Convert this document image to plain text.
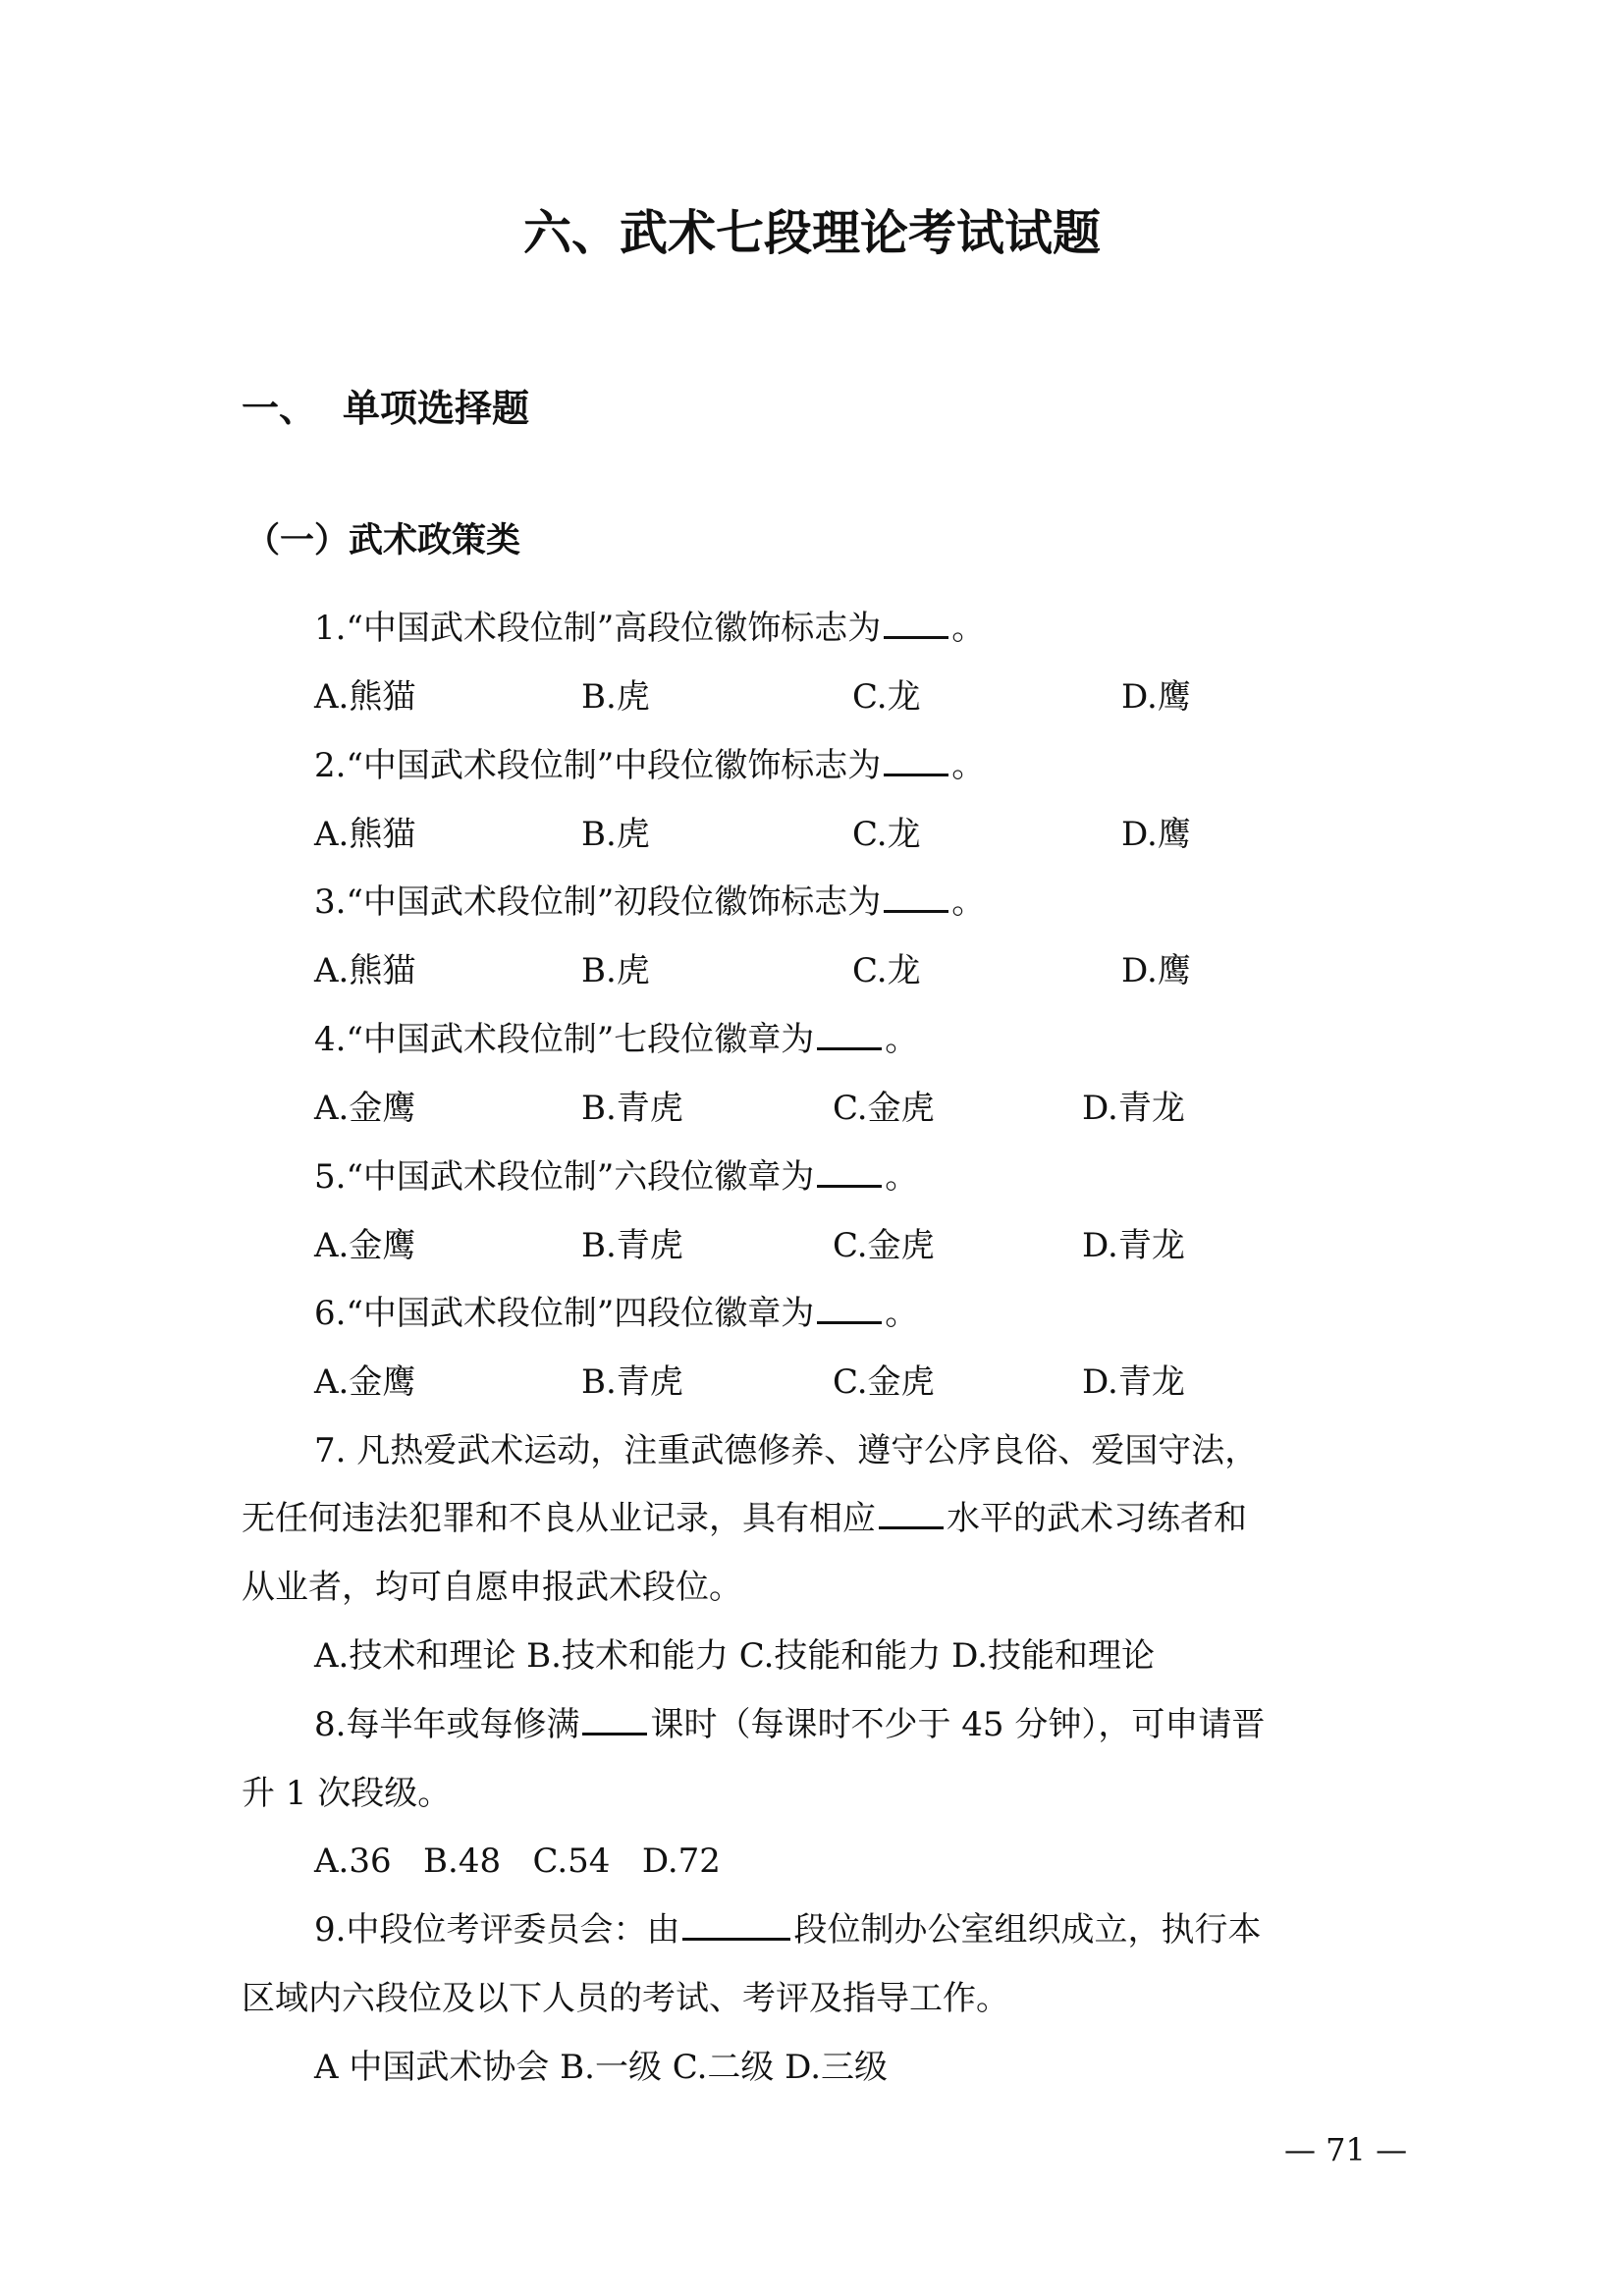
六、武术七段理论考试试题
一、 单项选择题
（一）武术政策类
1.“中国武术段位制”高段位徽饰标志为 。
A.熊猫	B.虎	C.龙	D.鹰
2.“中国武术段位制”中段位徽饰标志为 。
A.熊猫	B.虎	C.龙	D.鹰
3.“中国武术段位制”初段位徽饰标志为 。
A.熊猫	B.虎	C.龙	D.鹰
4.“中国武术段位制”七段位徽章为 。
A.金鹰	B.青虎	C.金虎	D.青龙
5.“中国武术段位制”六段位徽章为 。
A.金鹰	B.青虎	C.金虎	D.青龙
6.“中国武术段位制”四段位徽章为 。
A.金鹰	B.青虎	C.金虎	D.青龙
7. 凡热爱武术运动，注重武德修养、遵守公序良俗、爱国守法，
无任何违法犯罪和不良从业记录，具有相应 水平的武术习练者和
从业者，均可自愿申报武术段位。
A.技术和理论 B.技术和能力 C.技能和能力 D.技能和理论
8.每半年或每修满 课时（每课时不少于 45 分钟），可申请晋
升 1 次段级。
A.36   B.48   C.54   D.72
9.中段位考评委员会：由	段位制办公室组织成立，执行本
区域内六段位及以下人员的考试、考评及指导工作。
A 中国武术协会 B.一级 C.二级 D.三级
— 71 —
